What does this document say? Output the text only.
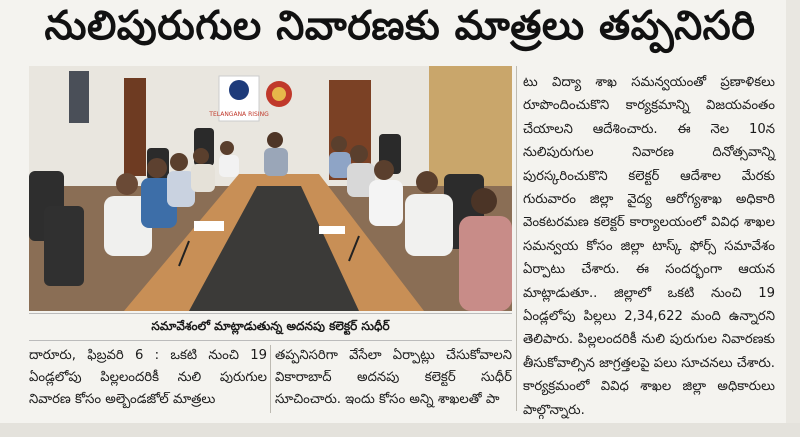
నులిపురుగుల నివారణకు మాత్రలు తప్పనిసరి
TELANGANA RISING
సమావేశంలో మాట్లాడుతున్న అదనపు కలెక్టర్ సుధీర్

దారూరు, ఫిబ్రవరి 6 : ఒకటి నుంచి 19 ఏండ్లలోపు పిల్లలందరికీ నులి పురుగుల నివారణ కోసం అల్బెండజోల్ మాత్రలు

తప్పనిసరిగా వేసేలా ఏర్పాట్లు చేసుకోవాలని వికారాబాద్ అదనపు కలెక్టర్ సుధీర్ సూచించారు. ఇందు కోసం అన్ని శాఖలతో పా

టు విద్యా శాఖ సమన్వయంతో ప్రణాళికలు రూపొందించుకొని కార్యక్రమాన్ని విజయవంతం చేయాలని ఆదేశించారు. ఈ నెల 10న నులిపురుగుల నివారణ దినోత్సవాన్ని పురస్కరించుకొని కలెక్టర్ ఆదేశాల మేరకు గురువారం జిల్లా వైద్య ఆరోగ్యశాఖ అధికారి వెంకటరమణ కలెక్టర్ కార్యాలయంలో వివిధ శాఖల సమన్వయ కోసం జిల్లా టాస్క్ ఫోర్స్ సమావేశం ఏర్పాటు చేశారు. ఈ సందర్భంగా ఆయన మాట్లాడుతూ.. జిల్లాలో ఒకటి నుంచి 19 ఏండ్లలోపు పిల్లలు 2,34,622 మంది ఉన్నారని తెలిపారు. పిల్లలందరికీ నులి పురుగుల నివారణకు తీసుకోవాల్సిన జాగ్రత్తలపై పలు సూచనలు చేశారు. కార్యక్రమంలో వివిధ శాఖల జిల్లా అధికారులు పాల్గొన్నారు.
